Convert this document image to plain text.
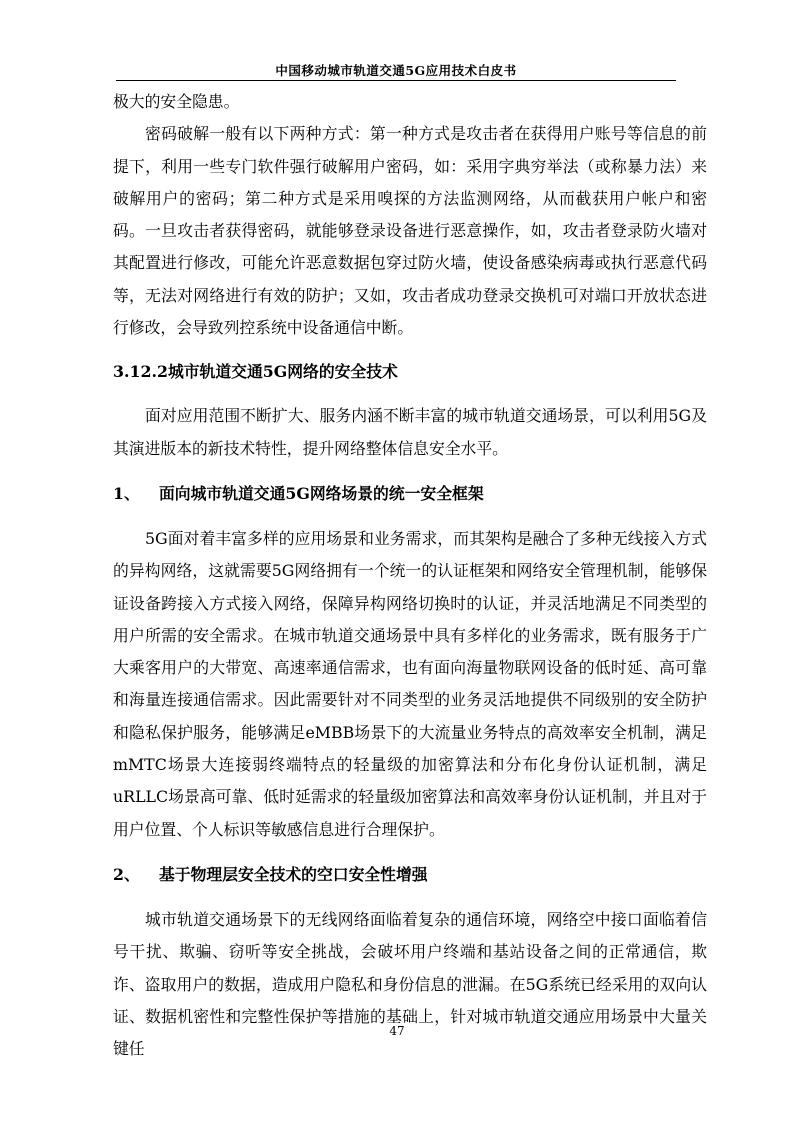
中国移动城市轨道交通5G应用技术白皮书

极大的安全隐患。

密码破解一般有以下两种方式：第一种方式是攻击者在获得用户账号等信息的前提下，利用一些专门软件强行破解用户密码，如：采用字典穷举法（或称暴力法）来破解用户的密码；第二种方式是采用嗅探的方法监测网络，从而截获用户帐户和密码。一旦攻击者获得密码，就能够登录设备进行恶意操作，如，攻击者登录防火墙对其配置进行修改，可能允许恶意数据包穿过防火墙，使设备感染病毒或执行恶意代码等，无法对网络进行有效的防护；又如，攻击者成功登录交换机可对端口开放状态进行修改，会导致列控系统中设备通信中断。

3.12.2城市轨道交通5G网络的安全技术

面对应用范围不断扩大、服务内涵不断丰富的城市轨道交通场景，可以利用5G及其演进版本的新技术特性，提升网络整体信息安全水平。

1、 面向城市轨道交通5G网络场景的统一安全框架

5G面对着丰富多样的应用场景和业务需求，而其架构是融合了多种无线接入方式的异构网络，这就需要5G网络拥有一个统一的认证框架和网络安全管理机制，能够保证设备跨接入方式接入网络，保障异构网络切换时的认证，并灵活地满足不同类型的用户所需的安全需求。在城市轨道交通场景中具有多样化的业务需求，既有服务于广大乘客用户的大带宽、高速率通信需求，也有面向海量物联网设备的低时延、高可靠和海量连接通信需求。因此需要针对不同类型的业务灵活地提供不同级别的安全防护和隐私保护服务，能够满足eMBB场景下的大流量业务特点的高效率安全机制，满足mMTC场景大连接弱终端特点的轻量级的加密算法和分布化身份认证机制，满足uRLLC场景高可靠、低时延需求的轻量级加密算法和高效率身份认证机制，并且对于用户位置、个人标识等敏感信息进行合理保护。

2、 基于物理层安全技术的空口安全性增强

城市轨道交通场景下的无线网络面临着复杂的通信环境，网络空中接口面临着信号干扰、欺骗、窃听等安全挑战，会破坏用户终端和基站设备之间的正常通信，欺诈、盗取用户的数据，造成用户隐私和身份信息的泄漏。在5G系统已经采用的双向认证、数据机密性和完整性保护等措施的基础上，针对城市轨道交通应用场景中大量关键任

47
